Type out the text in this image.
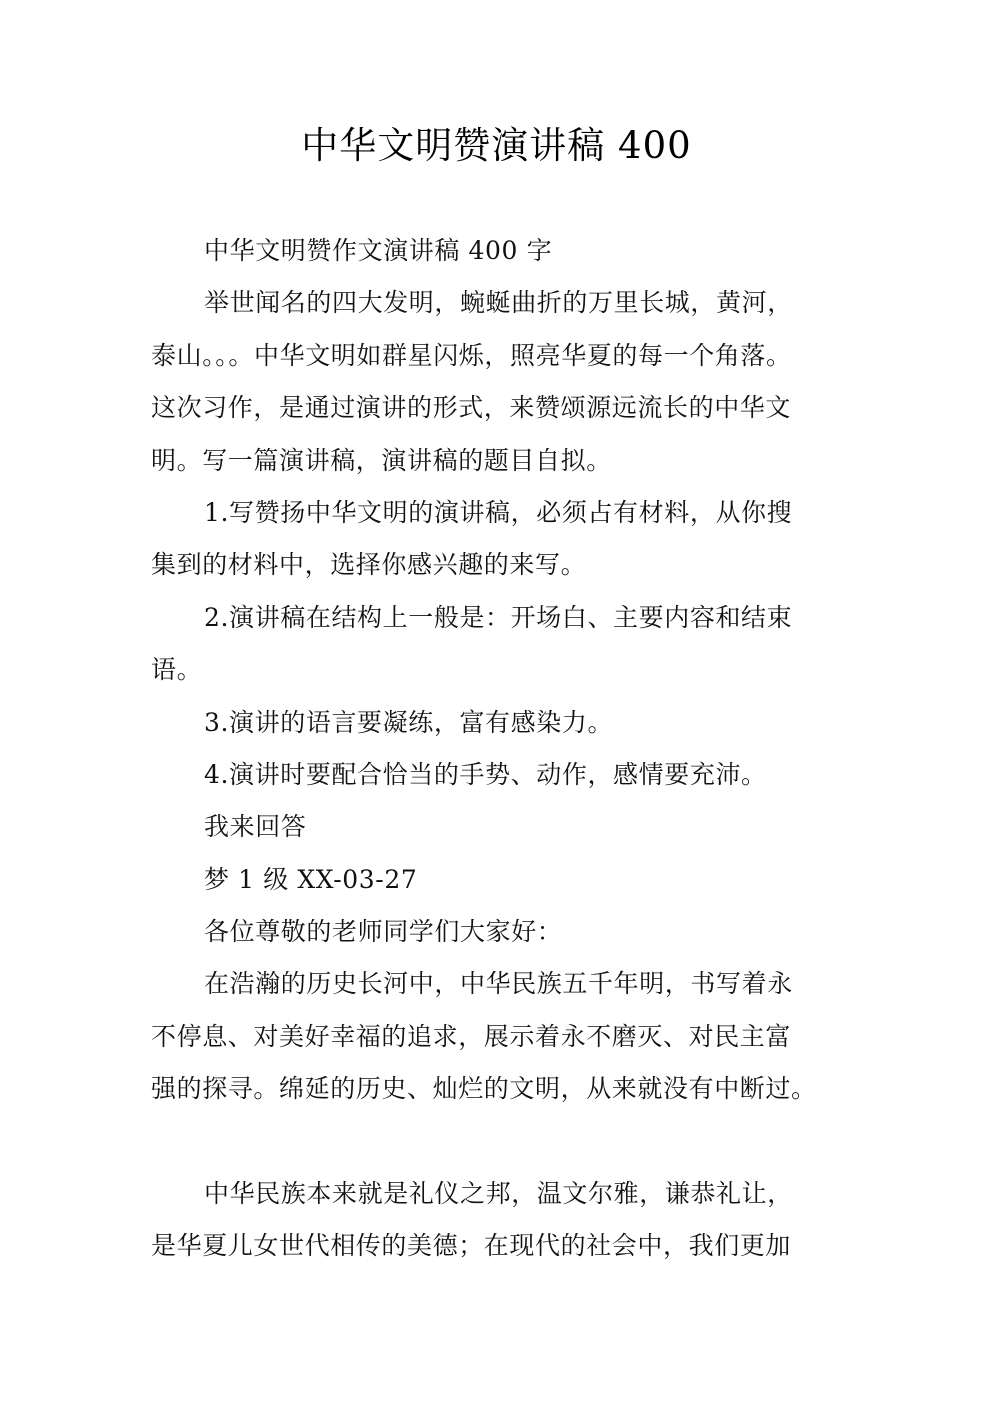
中华文明赞演讲稿 400
中华文明赞作文演讲稿 400 字
举世闻名的四大发明，蜿蜒曲折的万里长城，黄河，
泰山。。。中华文明如群星闪烁，照亮华夏的每一个角落。
这次习作，是通过演讲的形式，来赞颂源远流长的中华文
明。写一篇演讲稿，演讲稿的题目自拟。
1.写赞扬中华文明的演讲稿，必须占有材料，从你搜
集到的材料中，选择你感兴趣的来写。
2.演讲稿在结构上一般是：开场白、主要内容和结束
语。
3.演讲的语言要凝练，富有感染力。
4.演讲时要配合恰当的手势、动作，感情要充沛。
我来回答
梦 1 级 XX-03-27
各位尊敬的老师同学们大家好：
在浩瀚的历史长河中，中华民族五千年明，书写着永
不停息、对美好幸福的追求，展示着永不磨灭、对民主富
强的探寻。绵延的历史、灿烂的文明，从来就没有中断过。
中华民族本来就是礼仪之邦，温文尔雅，谦恭礼让，
是华夏儿女世代相传的美德；在现代的社会中，我们更加
